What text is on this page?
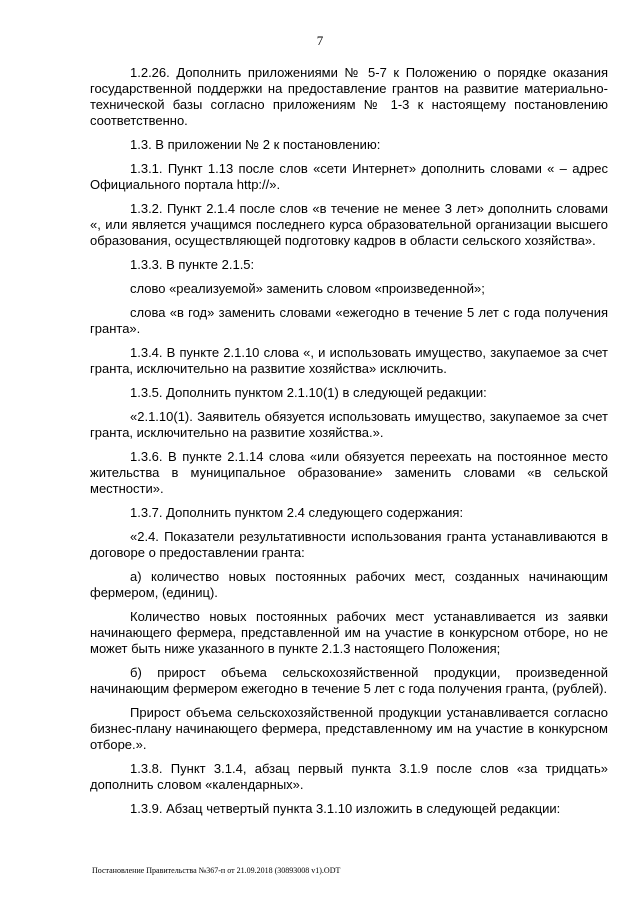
7

1.2.26. Дополнить приложениями № 5-7 к Положению о порядке оказания государственной поддержки на предоставление грантов на развитие материально-технической базы согласно приложениям № 1-3 к настоящему постановлению соответственно.

1.3. В приложении № 2 к постановлению:

1.3.1. Пункт 1.13 после слов «сети Интернет» дополнить словами « – адрес Официального портала http://».

1.3.2. Пункт 2.1.4 после слов «в течение не менее 3 лет» дополнить словами «, или является учащимся последнего курса образовательной организации высшего образования, осуществляющей подготовку кадров в области сельского хозяйства».

1.3.3. В пункте 2.1.5:

слово «реализуемой» заменить словом «произведенной»;

слова «в год» заменить словами «ежегодно в течение 5 лет с года получения гранта».

1.3.4. В пункте 2.1.10 слова «, и использовать имущество, закупаемое за счет гранта, исключительно на развитие хозяйства» исключить.

1.3.5. Дополнить пунктом 2.1.10(1) в следующей редакции:

«2.1.10(1). Заявитель обязуется использовать имущество, закупаемое за счет гранта, исключительно на развитие хозяйства.».

1.3.6. В пункте 2.1.14 слова «или обязуется переехать на постоянное место жительства в муниципальное образование» заменить словами «в сельской местности».

1.3.7. Дополнить пунктом 2.4 следующего содержания:

«2.4. Показатели результативности использования гранта устанавливаются в договоре о предоставлении гранта:

а) количество новых постоянных рабочих мест, созданных начинающим фермером, (единиц).

Количество новых постоянных рабочих мест устанавливается из заявки начинающего фермера, представленной им на участие в конкурсном отборе, но не может быть ниже указанного в пункте 2.1.3 настоящего Положения;

б) прирост объема сельскохозяйственной продукции, произведенной начинающим фермером ежегодно в течение 5 лет с года получения гранта, (рублей).

Прирост объема сельскохозяйственной продукции устанавливается согласно бизнес-плану начинающего фермера, представленному им на участие в конкурсном отборе.».

1.3.8. Пункт 3.1.4, абзац первый пункта 3.1.9 после слов «за тридцать» дополнить словом «календарных».

1.3.9. Абзац четвертый пункта 3.1.10 изложить в следующей редакции:

Постановление Правительства №367-п от 21.09.2018 (30893008 v1).ODT
